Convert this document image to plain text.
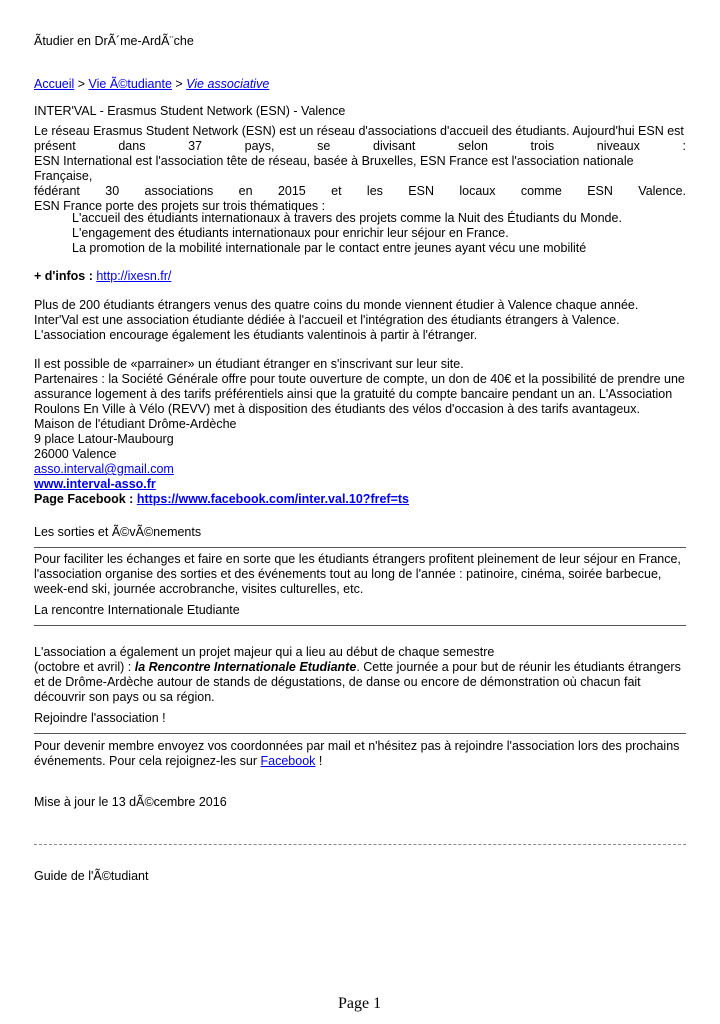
Ãtudier en DrÃ´me-ArdÃ¨che
Accueil > Vie Ã©tudiante > Vie associative
INTER'VAL - Erasmus Student Network (ESN) - Valence
Le réseau Erasmus Student Network (ESN) est un réseau d'associations d'accueil des étudiants. Aujourd'hui ESN est
présent dans 37 pays, se divisant selon trois niveaux :
ESN International est l'association tête de réseau, basée à Bruxelles, ESN France est l'association nationale Française,
fédérant 30 associations en 2015 et les ESN locaux comme ESN Valence.
ESN France porte des projets sur trois thématiques :
L'accueil des étudiants internationaux à travers des projets comme la Nuit des Étudiants du Monde.
L'engagement des étudiants internationaux pour enrichir leur séjour en France.
La promotion de la mobilité internationale par le contact entre jeunes ayant vécu une mobilité
+ d'infos : http://ixesn.fr/
Plus de 200 étudiants étrangers venus des quatre coins du monde viennent étudier à Valence chaque année. Inter'Val est une association étudiante dédiée à l'accueil et l'intégration des étudiants étrangers à Valence. L'association encourage également les étudiants valentinois à partir à l'étranger.
Il est possible de «parrainer» un étudiant étranger en s'inscrivant sur leur site.
Partenaires : la Société Générale offre pour toute ouverture de compte, un don de 40€ et la possibilité de prendre une assurance logement à des tarifs préférentiels ainsi que la gratuité du compte bancaire pendant un an. L'Association Roulons En Ville à Vélo (REVV) met à disposition des étudiants des vélos d'occasion à des tarifs avantageux.
Maison de l'étudiant Drôme-Ardèche
9 place Latour-Maubourg
26000 Valence
asso.interval@gmail.com
www.interval-asso.fr
Page Facebook : https://www.facebook.com/inter.val.10?fref=ts
Les sorties et Ã©vÃ©nements
Pour faciliter les échanges et faire en sorte que les étudiants étrangers profitent pleinement de leur séjour en France, l'association organise des sorties et des événements tout au long de l'année : patinoire, cinéma, soirée barbecue, week-end ski, journée accrobranche, visites culturelles, etc.
La rencontre Internationale Etudiante
L'association a également un projet majeur qui a lieu au début de chaque semestre
(octobre et avril) : la Rencontre Internationale Etudiante. Cette journée a pour but de réunir les étudiants étrangers et de Drôme-Ardèche autour de stands de dégustations, de danse ou encore de démonstration où chacun fait découvrir son pays ou sa région.
Rejoindre l'association !
Pour devenir membre envoyez vos coordonnées par mail et n'hésitez pas à rejoindre l'association lors des prochains événements. Pour cela rejoignez-les sur Facebook !
Mise à jour le 13 dÃ©cembre 2016
Guide de l'Ã©tudiant
Page 1
